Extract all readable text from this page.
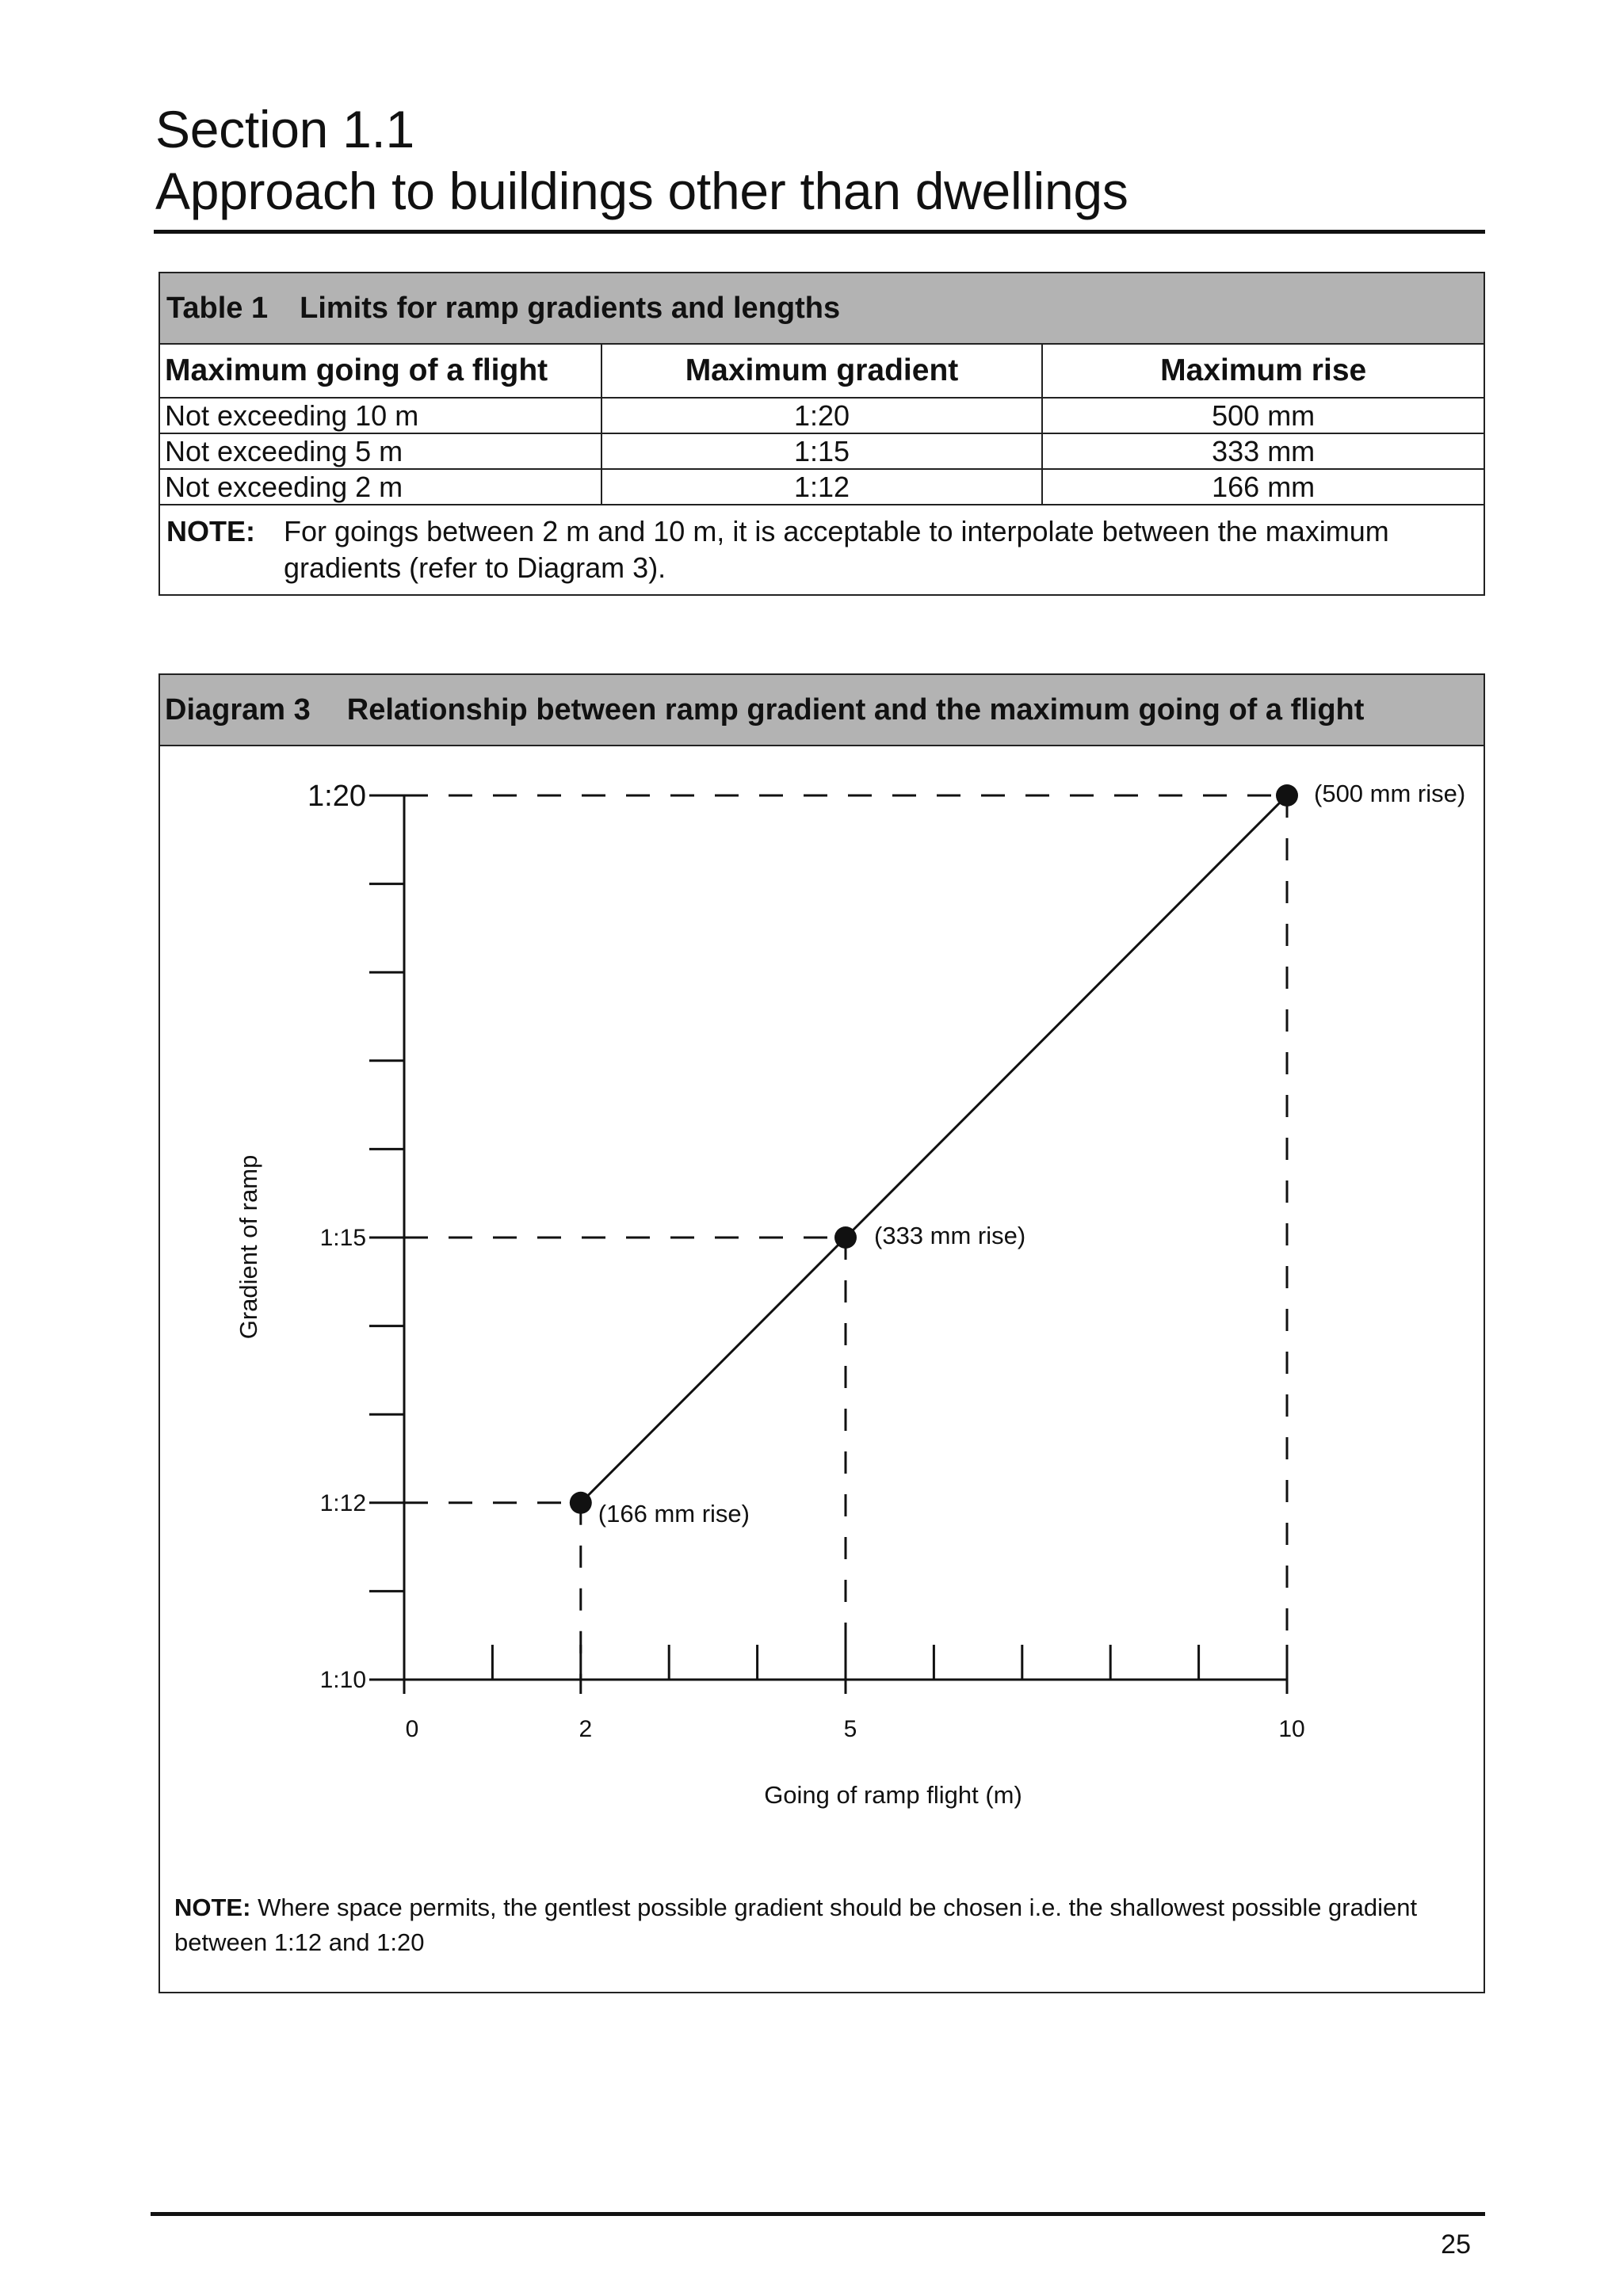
Section 1.1
Approach to buildings other than dwellings
Table 1 Limits for ramp gradients and lengths
Maximum going of a flight	Maximum gradient	Maximum rise
Not exceeding 10 m	1:20	500 mm
Not exceeding 5 m	1:15	333 mm
Not exceeding 2 m	1:12	166 mm
NOTE:	For goings between 2 m and 10 m, it is acceptable to interpolate between the maximum
gradients (refer to Diagram 3).
Diagram 3 Relationship between ramp gradient and the maximum going of a flight
1:10
1:12
1:15
1:20
0	2	5	10
Going of ramp flight (m)
Gradient of ramp
(166 mm rise)
(333 mm rise)
(500 mm rise)
NOTE: Where space permits, the gentlest possible gradient should be chosen i.e. the shallowest possible gradient between 1:12 and 1:20
25
